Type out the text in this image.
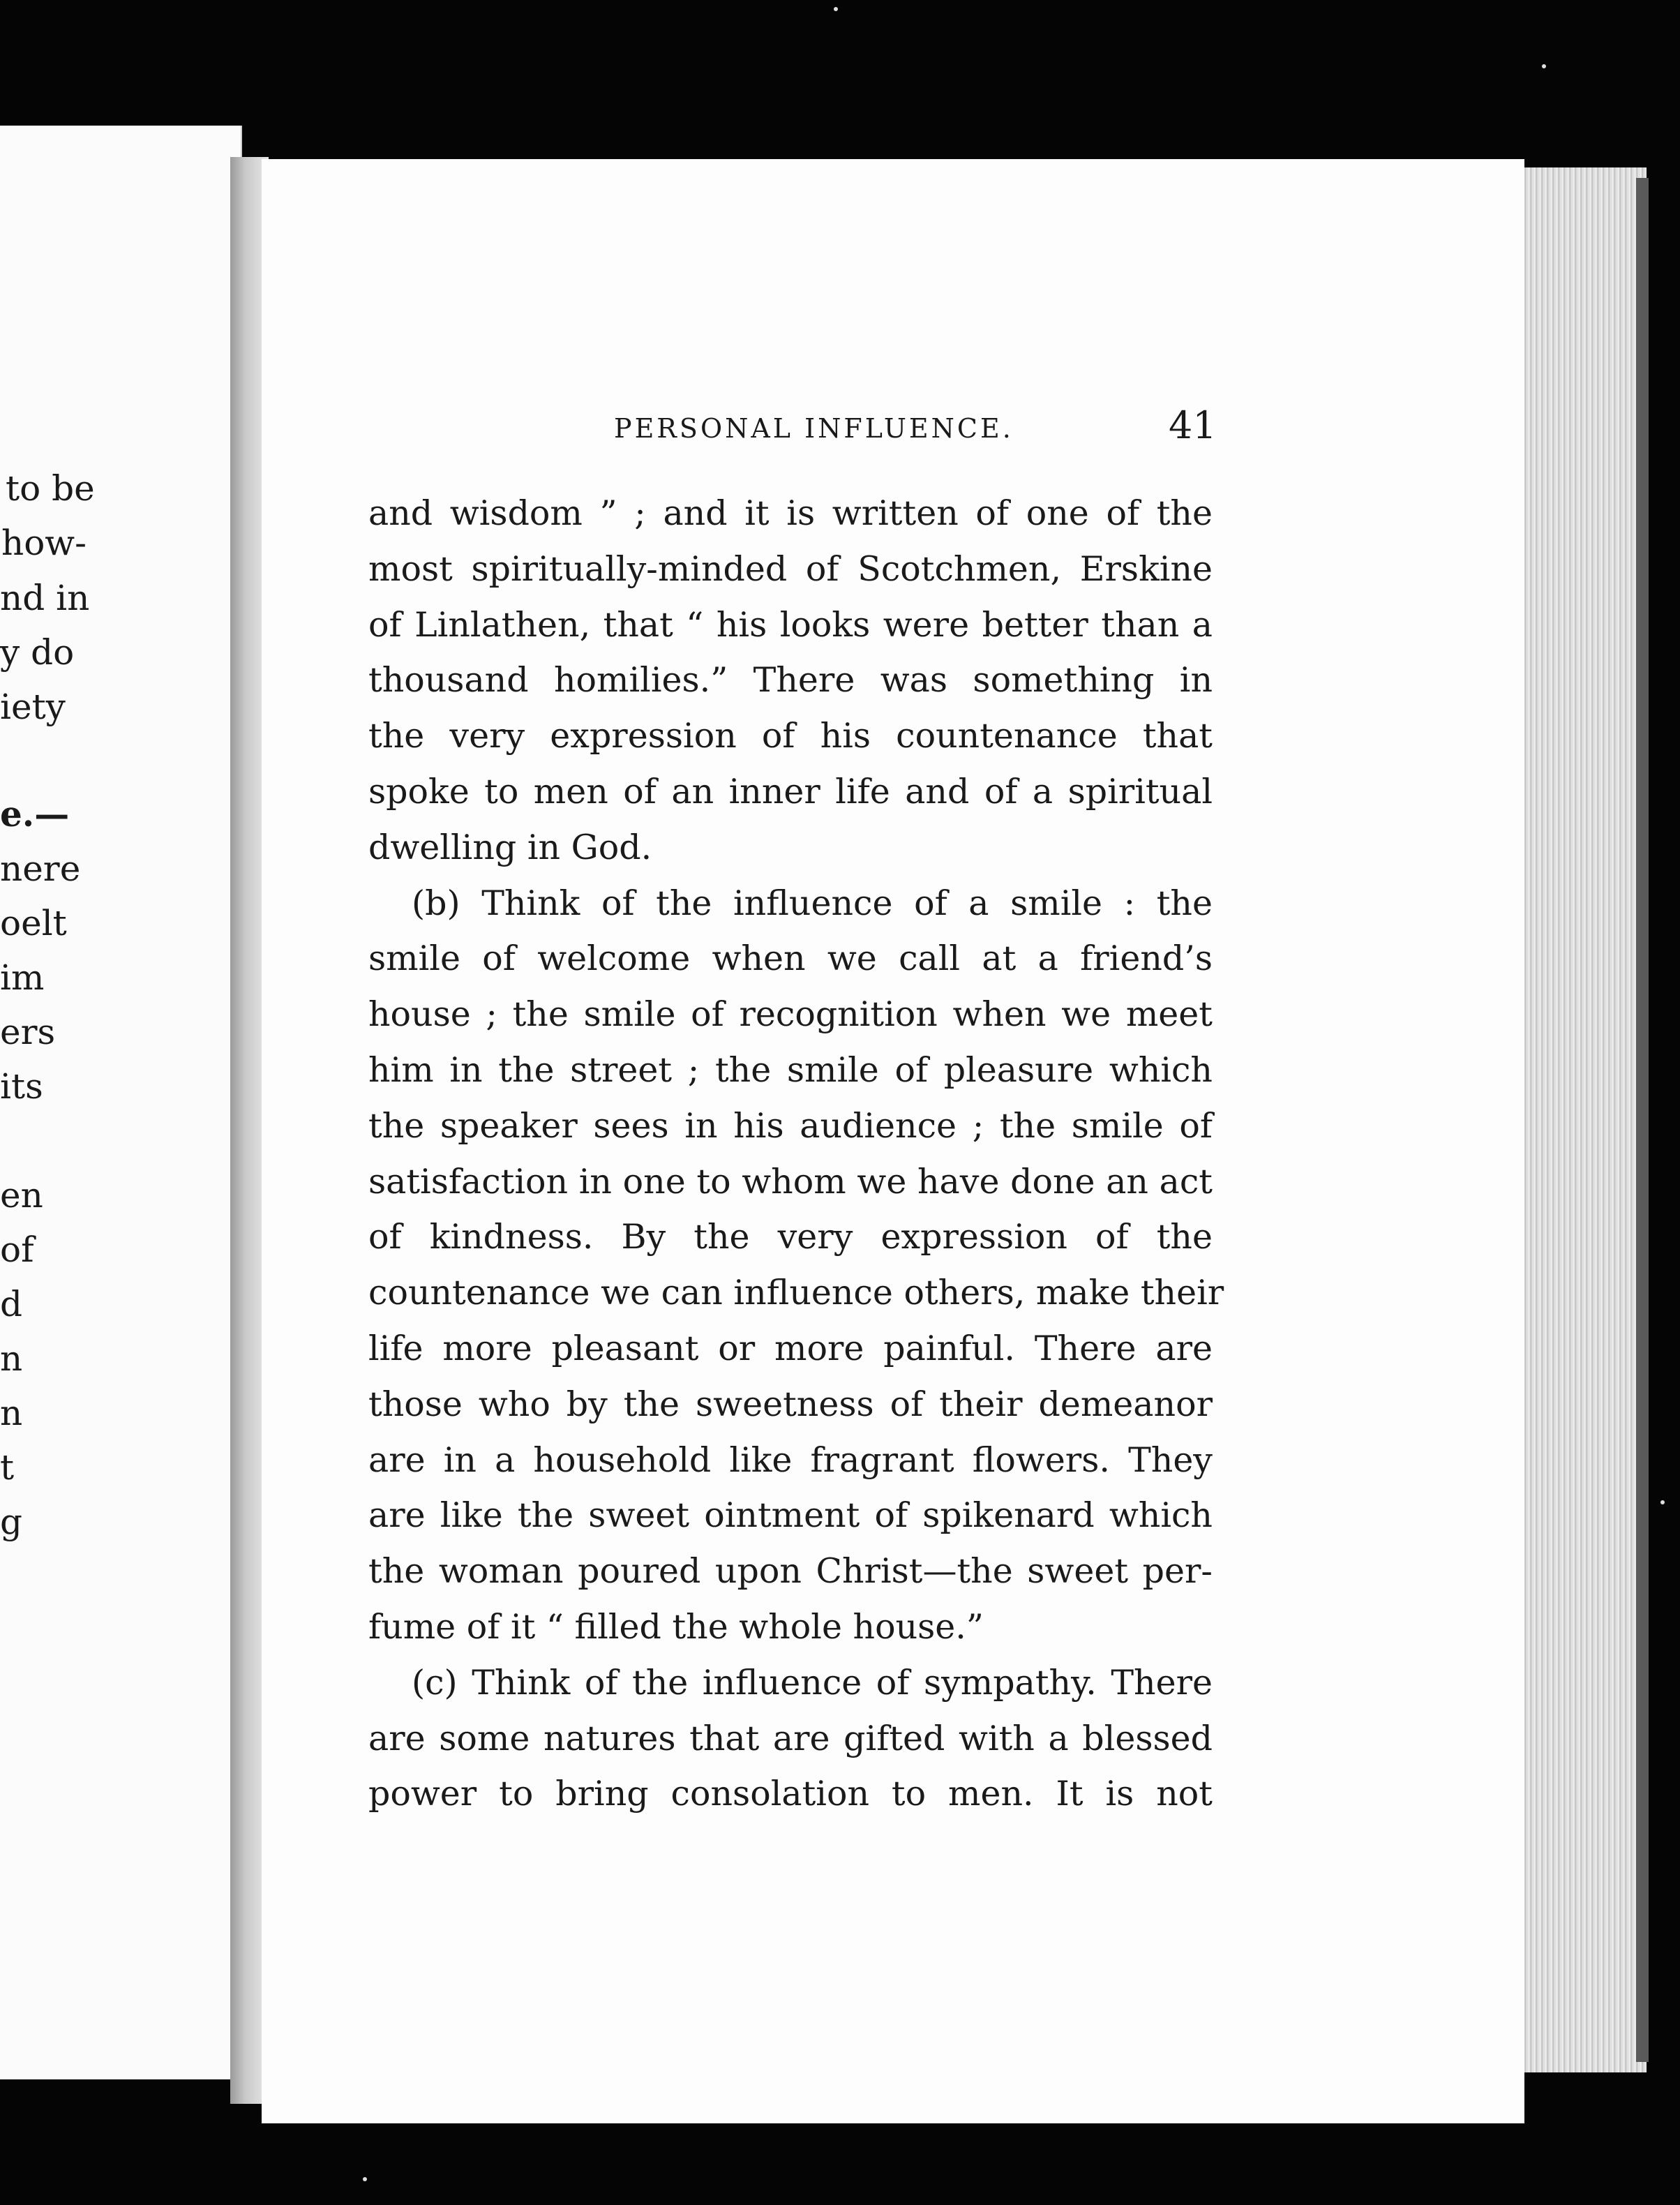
to be
how-
nd in
y do
iety
e.—
nere
oelt
im
ers
its
en
of
d
n
n
t
g
PERSONAL INFLUENCE.	41
and wisdom ” ; and it is written of one of the
most spiritually-minded of Scotchmen, Erskine
of Linlathen, that “ his looks were better than a
thousand homilies.” There was something in
the very expression of his countenance that
spoke to men of an inner life and of a spiritual
dwelling in God.
(b) Think of the influence of a smile : the
smile of welcome when we call at a friend’s
house ; the smile of recognition when we meet
him in the street ; the smile of pleasure which
the speaker sees in his audience ; the smile of
satisfaction in one to whom we have done an act
of kindness. By the very expression of the
countenance we can influence others, make their
life more pleasant or more painful. There are
those who by the sweetness of their demeanor
are in a household like fragrant flowers. They
are like the sweet ointment of spikenard which
the woman poured upon Christ—the sweet per-
fume of it “ filled the whole house.”
(c) Think of the influence of sympathy. There
are some natures that are gifted with a blessed
power to bring consolation to men. It is not
